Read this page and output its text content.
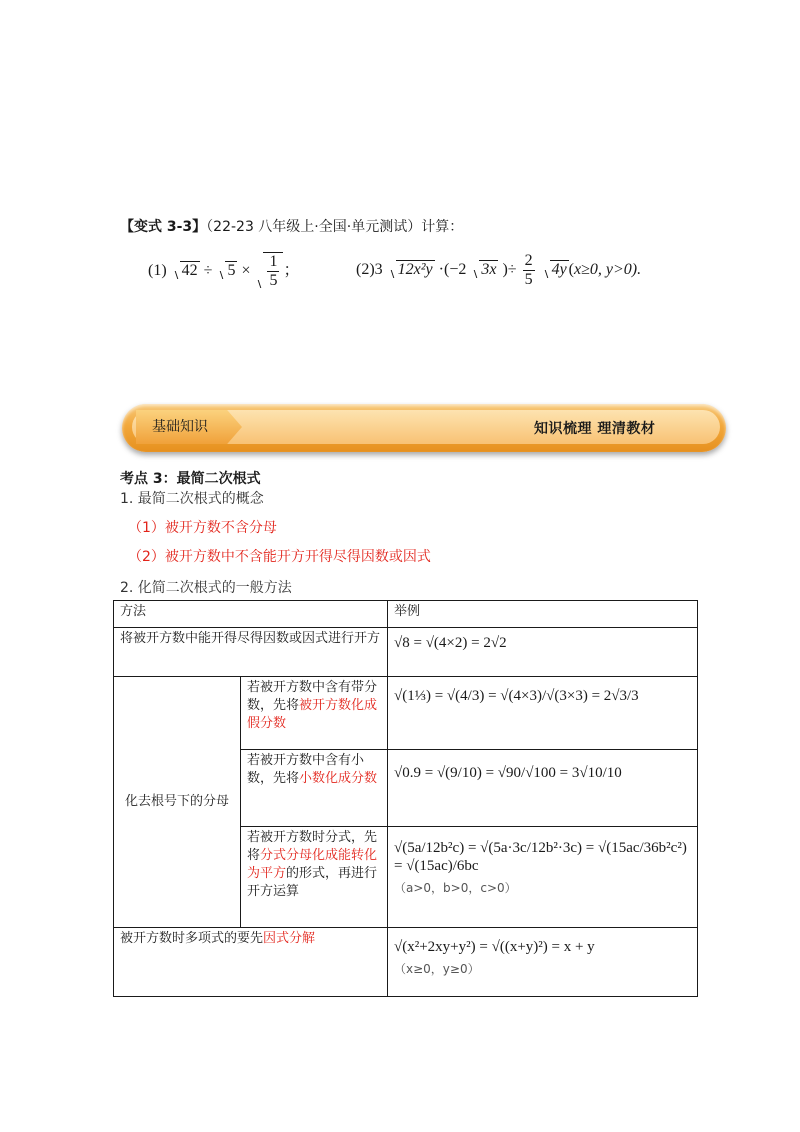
【变式 3-3】（22-23 八年级上·全国·单元测试）计算：
(1) $42 \div 5 \times \frac{1}{5}$ ；	(2)3 12x²y ·(−2 3x )÷ $\frac{2}{5} 4y$ (x≥0, y>0).
基础知识	知识梳理 理清教材
考点 3：最简二次根式
1. 最简二次根式的概念
（1）被开方数不含分母
（2）被开方数中不含能开方开得尽得因数或因式
2. 化简二次根式的一般方法
方法		举例
将被开方数中能开得尽得因数或因式进行开方		√8 = √(4×2) = 2√2
化去根号下的分母	若被开方数中含有带分数，先将被开方数化成假分数	√(1⅓) = √(4/3) = √(4×3)/√(3×3) = 2√3/3
	若被开方数中含有小数，先将小数化成分数	√0.9 = √(9/10) = √90/√100 = 3√10/10
	若被开方数时分式，先将分式分母化成能转化为平方的形式，再进行开方运算	√(5a/12b²c) = √(5a·3c/12b²·3c) = √(15ac/36b²c²) = √(15ac)/6bc
（a>0，b>0，c>0）

被开方数时多项式的要先因式分解		√(x²+2xy+y²) = √((x+y)²) = x + y
（x≥0，y≥0）
